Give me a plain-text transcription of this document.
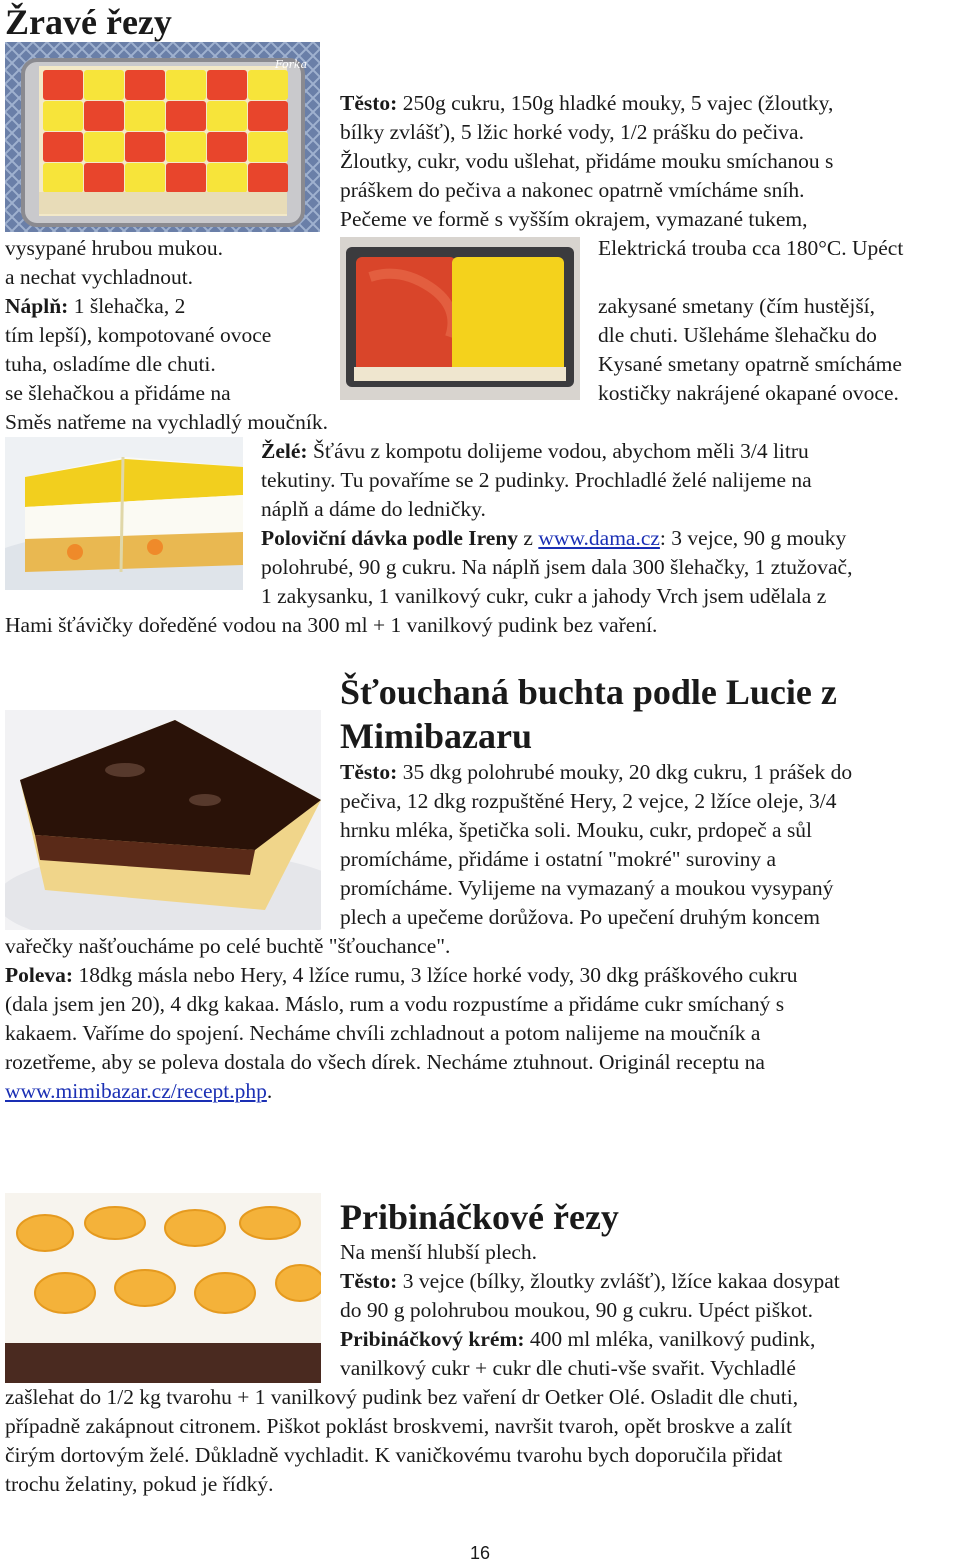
Žravé řezy
Forka
Těsto: 250g cukru, 150g hladké mouky, 5 vajec (žloutky,
bílky zvlášť), 5 lžic horké vody, 1/2 prášku do pečiva.
Žloutky, cukr, vodu ušlehat, přidáme mouku smíchanou s
práškem do pečiva a nakonec opatrně vmícháme sníh.
Pečeme ve formě s vyšším okrajem, vymazané tukem,
vysypané hrubou mukou.	Elektrická trouba cca 180°C. Upéct
a nechat vychladnout.
Náplň: 1 šlehačka, 2	zakysané smetany (čím hustější,
tím lepší), kompotované ovoce	dle chuti. Ušleháme šlehačku do
tuha, osladíme dle chuti.	Kysané smetany opatrně smícháme
se šlehačkou a přidáme na	kostičky nakrájené okapané ovoce.
Směs natřeme na vychladlý moučník.
Želé: Šťávu z kompotu dolijeme vodou, abychom měli 3/4 litru
tekutiny. Tu povaříme se 2 pudinky. Prochladlé želé nalijeme na
náplň a dáme do ledničky.
Poloviční dávka podle Ireny z www.dama.cz: 3 vejce, 90 g mouky
polohrubé, 90 g cukru. Na náplň jsem dala 300 šlehačky, 1 ztužovač,
1 zakysanku, 1 vanilkový cukr, cukr a jahody Vrch jsem udělala z
Hami šťávičky doředěné vodou na 300 ml + 1 vanilkový pudink bez vaření.
Šťouchaná buchta podle Lucie z
Mimibazaru
Těsto: 35 dkg polohrubé mouky, 20 dkg cukru, 1 prášek do
pečiva, 12 dkg rozpuštěné Hery, 2 vejce, 2 lžíce oleje, 3/4
hrnku mléka, špetička soli. Mouku, cukr, prdopeč a sůl
promícháme, přidáme i ostatní "mokré" suroviny a
promícháme. Vylijeme na vymazaný a moukou vysypaný
plech a upečeme dorůžova. Po upečení druhým koncem
vařečky našťoucháme po celé buchtě "šťouchance".
Poleva: 18dkg másla nebo Hery, 4 lžíce rumu, 3 lžíce horké vody, 30 dkg práškového cukru
(dala jsem jen 20), 4 dkg kakaa. Máslo, rum a vodu rozpustíme a přidáme cukr smíchaný s
kakaem. Vaříme do spojení. Necháme chvíli zchladnout a potom nalijeme na moučník a
rozetřeme, aby se poleva dostala do všech dírek. Necháme ztuhnout. Originál receptu na
www.mimibazar.cz/recept.php.
Pribináčkové řezy
Na menší hlubší plech.
Těsto: 3 vejce (bílky, žloutky zvlášť), lžíce kakaa dosypat
do 90 g polohrubou moukou, 90 g cukru. Upéct piškot.
Pribináčkový krém: 400 ml mléka, vanilkový pudink,
vanilkový cukr + cukr dle chuti-vše svařit. Vychladlé
zašlehat do 1/2 kg tvarohu + 1 vanilkový pudink bez vaření dr Oetker Olé. Osladit dle chuti,
případně zakápnout citronem. Piškot poklást broskvemi, navršit tvaroh, opět broskve a zalít
čirým dortovým želé. Důkladně vychladit. K vaničkovému tvarohu bych doporučila přidat
trochu želatiny, pokud je řídký.
16
